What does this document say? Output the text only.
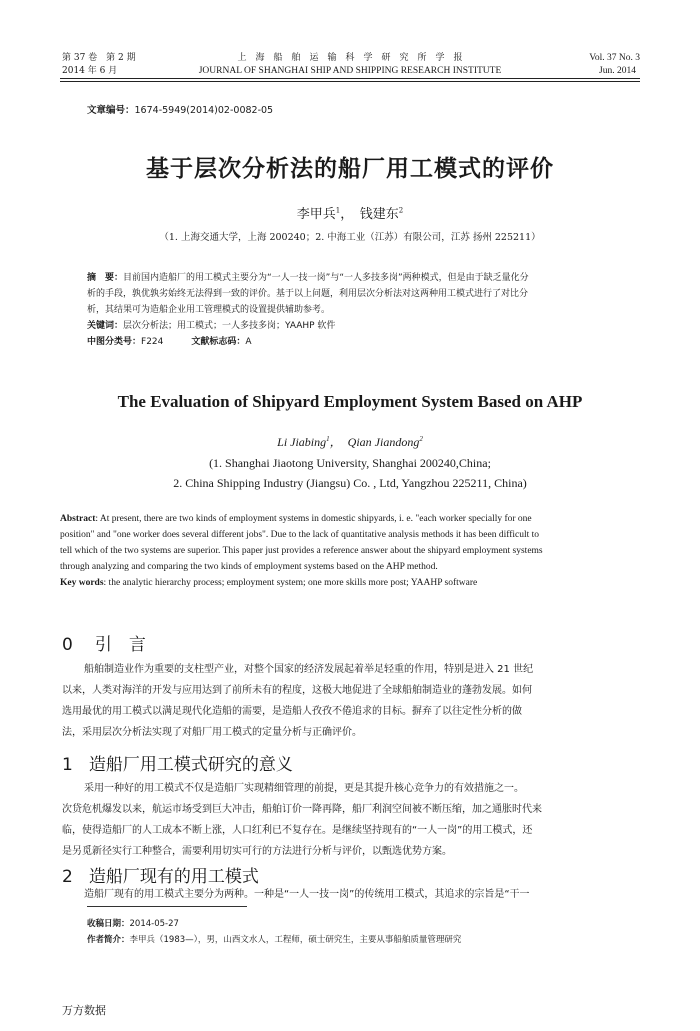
第 37 卷　第 2 期
2014 年 6 月
上　海　船　舶　运　输　科　学　研　究　所　学　报
JOURNAL OF SHANGHAI SHIP AND SHIPPING RESEARCH INSTITUTE
Vol. 37 No. 3
Jun. 2014
文章编号：1674-5949(2014)02-0082-05
基于层次分析法的船厂用工模式的评价
李甲兵$^1$，　钱建东$^2$
（1. 上海交通大学，上海 200240；2. 中海工业（江苏）有限公司，江苏 扬州 225211）

摘　要：目前国内造船厂的用工模式主要分为“一人一技一岗”与“一人多技多岗”两种模式，但是由于缺乏量化分

析的手段，孰优孰劣始终无法得到一致的评价。基于以上问题，利用层次分析法对这两种用工模式进行了对比分

析，其结果可为造船企业用工管理模式的设置提供辅助参考。

关键词：层次分析法；用工模式；一人多技多岗；YAAHP 软件

中图分类号：F224	文献标志码：A

The Evaluation of Shipyard Employment System Based on AHP
Li Jiabing$^1$，　Qian Jiandong$^2$
(1. Shanghai Jiaotong University, Shanghai 200240,China;
2. China Shipping Industry (Jiangsu) Co. , Ltd, Yangzhou 225211, China)

Abstract: At present, there are two kinds of employment systems in domestic shipyards, i. e. "each worker specially for one

position" and "one worker does several different jobs". Due to the lack of quantitative analysis methods it has been difficult to

tell which of the two systems are superior. This paper just provides a reference answer about the shipyard employment systems

through analyzing and comparing the two kinds of employment systems based on the AHP method.

Key words: the analytic hierarchy process; employment system; one more skills more post; YAAHP software

0 引　言

船舶制造业作为重要的支柱型产业，对整个国家的经济发展起着举足轻重的作用，特别是进入 21 世纪

以来，人类对海洋的开发与应用达到了前所未有的程度，这极大地促进了全球船舶制造业的蓬勃发展。如何

选用最优的用工模式以满足现代化造船的需要，是造船人孜孜不倦追求的目标。摒弃了以往定性分析的做

法，采用层次分析法实现了对船厂用工模式的定量分析与正确评价。

1 造船厂用工模式研究的意义

采用一种好的用工模式不仅是造船厂实现精细管理的前提，更是其提升核心竞争力的有效措施之一。

次贷危机爆发以来，航运市场受到巨大冲击，船舶订价一降再降，船厂利润空间被不断压缩，加之通胀时代来

临，使得造船厂的人工成本不断上涨，人口红利已不复存在。是继续坚持现有的“一人一岗”的用工模式，还

是另觅新径实行工种整合，需要利用切实可行的方法进行分析与评价，以甄选优势方案。

2 造船厂现有的用工模式

造船厂现有的用工模式主要分为两种。一种是“一人一技一岗”的传统用工模式，其追求的宗旨是“干一

收稿日期：2014-05-27

作者简介：李甲兵（1983—），男，山西文水人，工程师，硕士研究生，主要从事船舶质量管理研究

万方数据
